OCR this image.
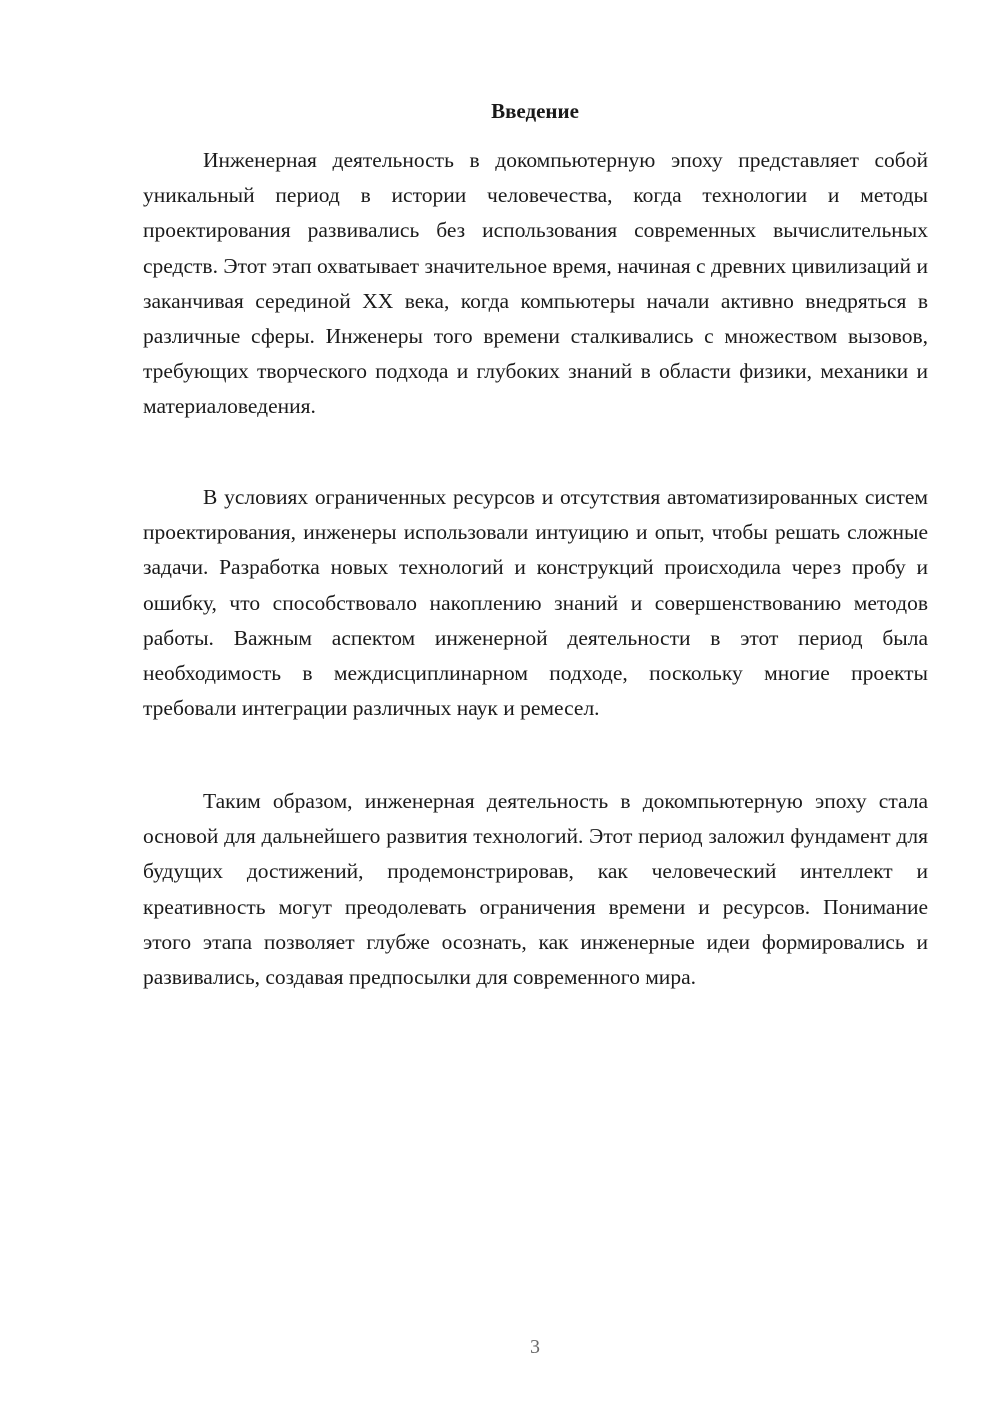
Введение

Инженерная деятельность в докомпьютерную эпоху представляет собой уникальный период в истории человечества, когда технологии и методы проектирования развивались без использования современных вычислительных средств. Этот этап охватывает значительное время, начиная с древних цивилизаций и заканчивая серединой XX века, когда компьютеры начали активно внедряться в различные сферы. Инженеры того времени сталкивались с множеством вызовов, требующих творческого подхода и глубоких знаний в области физики, механики и материаловедения.

В условиях ограниченных ресурсов и отсутствия автоматизированных систем проектирования, инженеры использовали интуицию и опыт, чтобы решать сложные задачи. Разработка новых технологий и конструкций происходила через пробу и ошибку, что способствовало накоплению знаний и совершенствованию методов работы. Важным аспектом инженерной деятельности в этот период была необходимость в междисциплинарном подходе, поскольку многие проекты требовали интеграции различных наук и ремесел.

Таким образом, инженерная деятельность в докомпьютерную эпоху стала основой для дальнейшего развития технологий. Этот период заложил фундамент для будущих достижений, продемонстрировав, как человеческий интеллект и креативность могут преодолевать ограничения времени и ресурсов. Понимание этого этапа позволяет глубже осознать, как инженерные идеи формировались и развивались, создавая предпосылки для современного мира.

3
